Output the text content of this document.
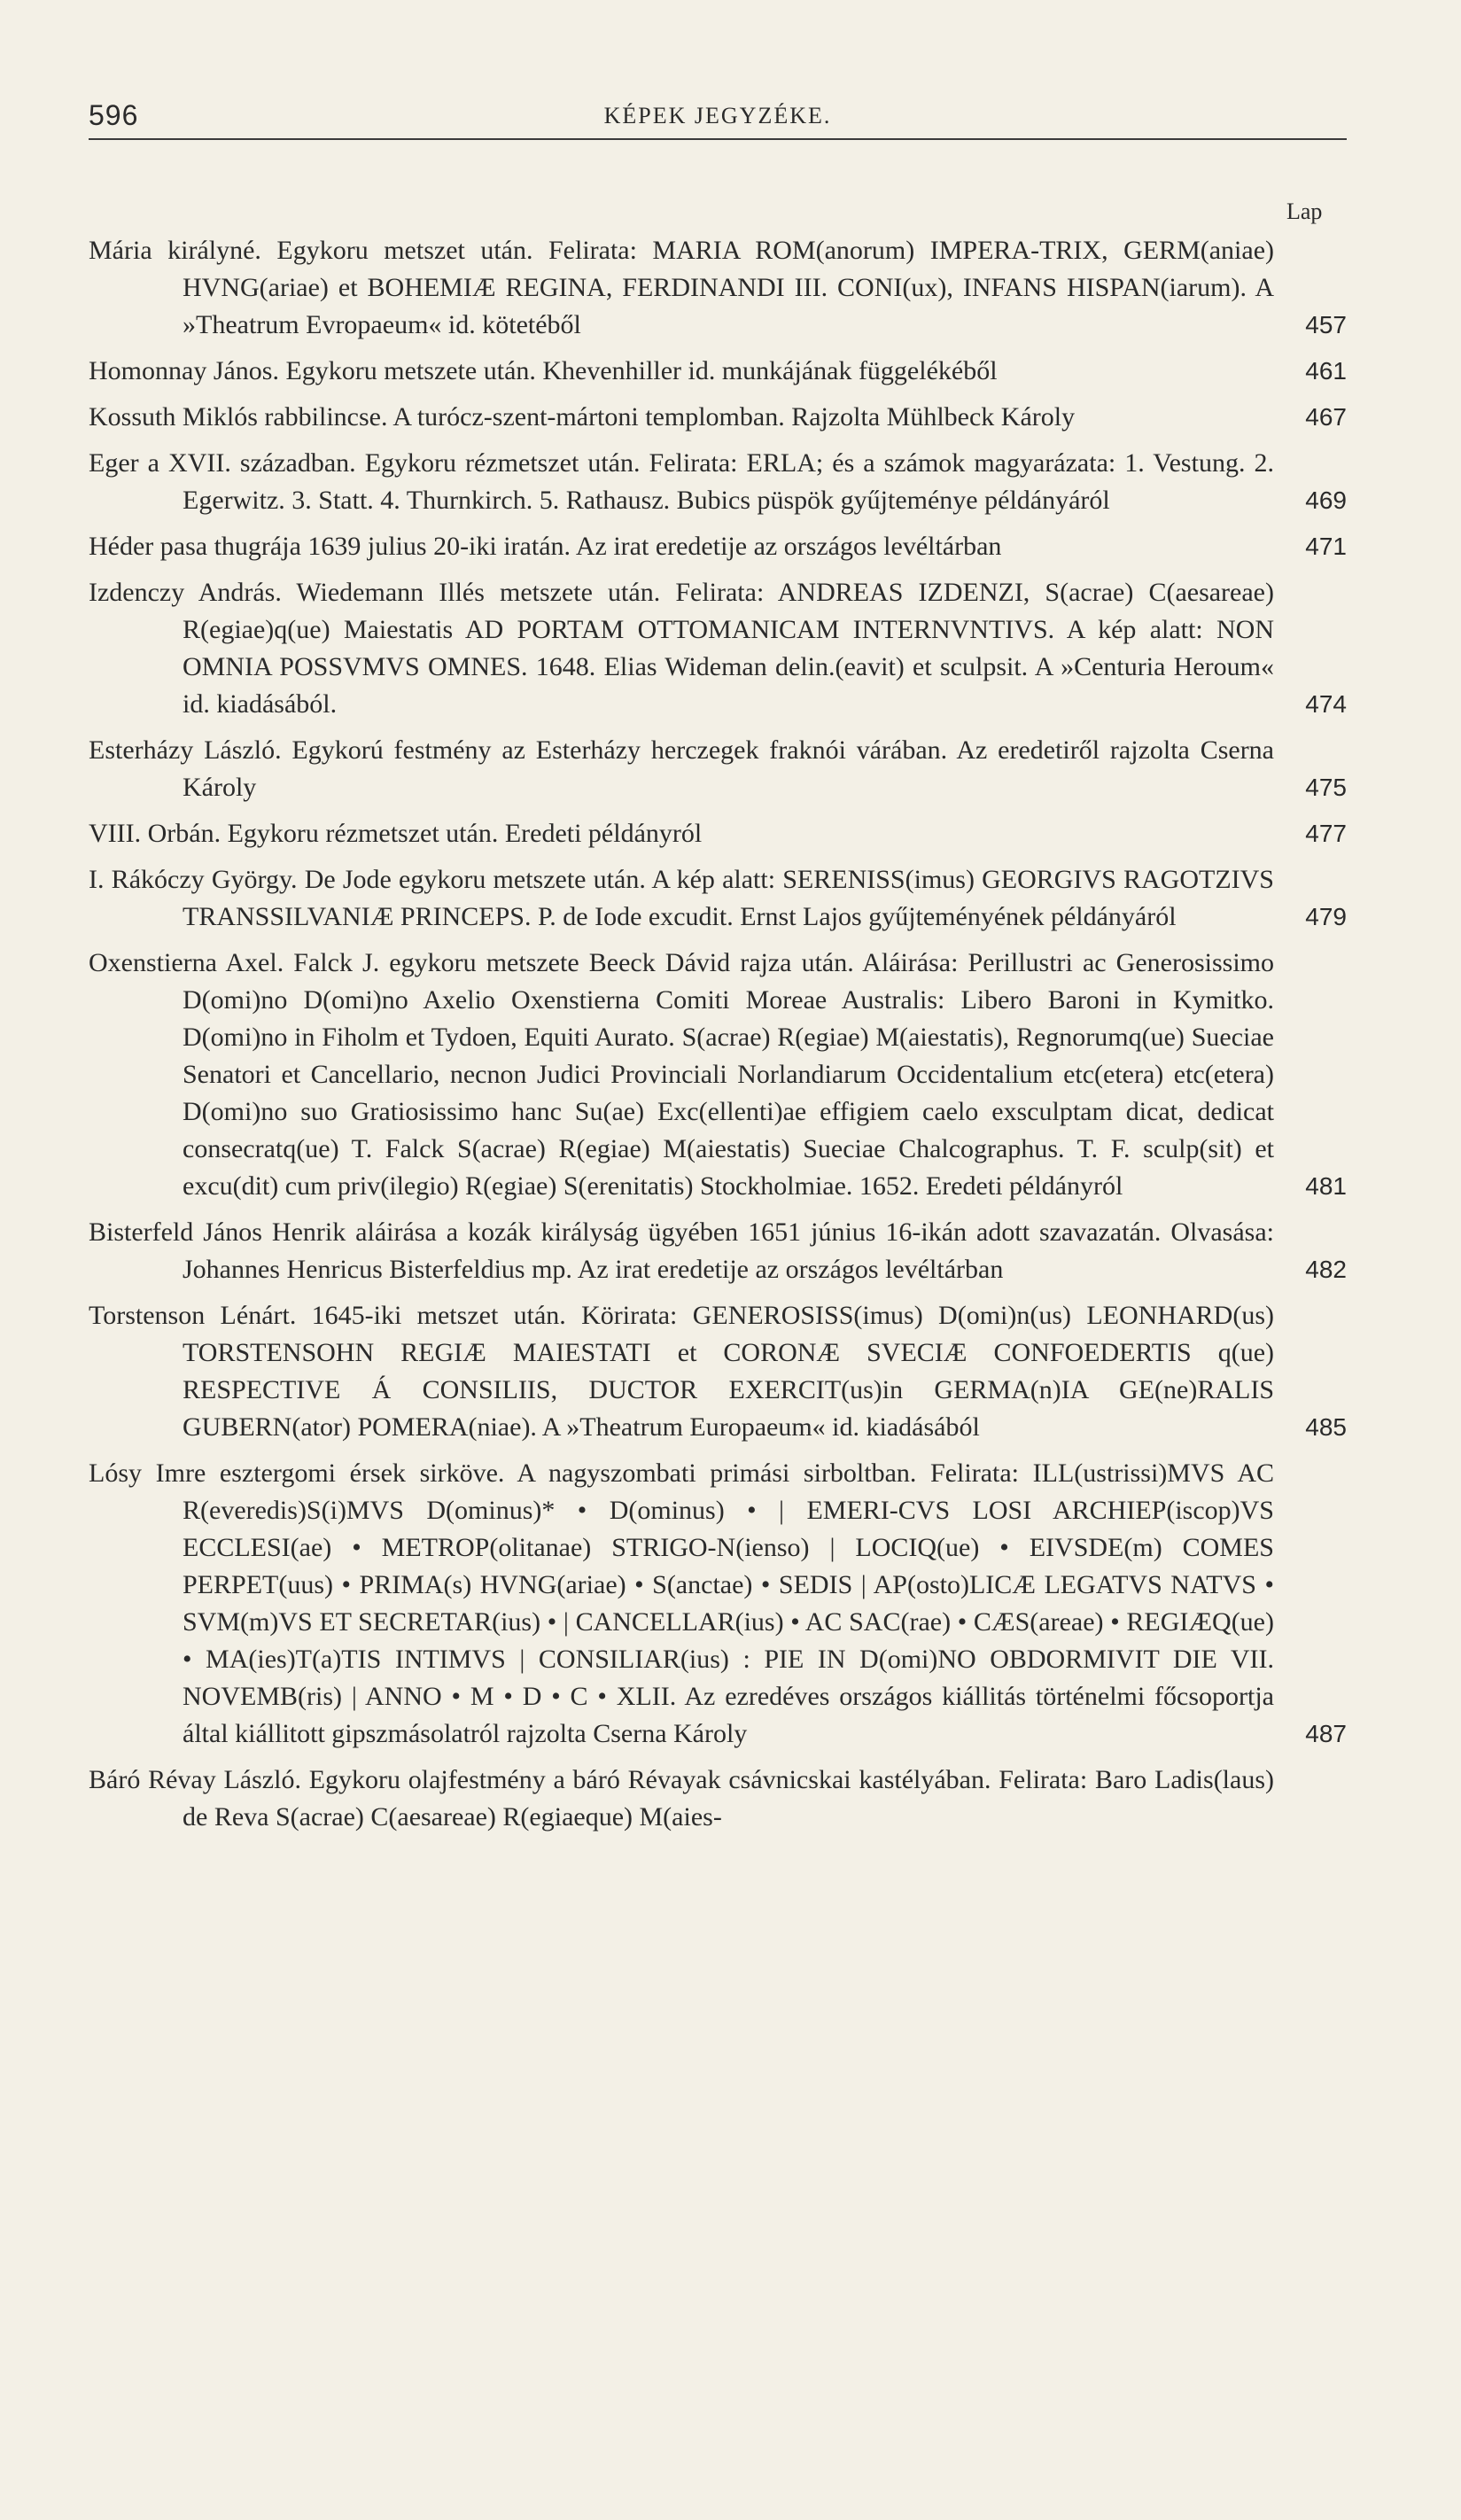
596	KÉPEK JEGYZÉKE.
Lap
Mária királyné. Egykoru metszet után. Felirata: MARIA ROM(anorum) IMPERA-TRIX, GERM(aniae) HVNG(ariae) et BOHEMIÆ REGINA, FERDINANDI III. CONI(ux), INFANS HISPAN(iarum). A »Theatrum Evropaeum« id. kötetéből	457
Homonnay János. Egykoru metszete után. Khevenhiller id. munkájának függelékéből	461
Kossuth Miklós rabbilincse. A turócz-szent-mártoni templomban. Rajzolta Mühlbeck Károly	467
Eger a XVII. században. Egykoru rézmetszet után. Felirata: ERLA; és a számok magyarázata: 1. Vestung. 2. Egerwitz. 3. Statt. 4. Thurnkirch. 5. Rathausz. Bubics püspök gyűjteménye példányáról	469
Héder pasa thugrája 1639 julius 20-iki iratán. Az irat eredetije az országos levéltárban	471
Izdenczy András. Wiedemann Illés metszete után. Felirata: ANDREAS IZDENZI, S(acrae) C(aesareae) R(egiae)q(ue) Maiestatis AD PORTAM OTTOMANICAM INTERNVNTIVS. A kép alatt: NON OMNIA POSSVMVS OMNES. 1648. Elias Wideman delin.(eavit) et sculpsit. A »Centuria Heroum« id. kiadásából.	474
Esterházy László. Egykorú festmény az Esterházy herczegek fraknói várában. Az eredetiről rajzolta Cserna Károly	475
VIII. Orbán. Egykoru rézmetszet után. Eredeti példányról	477
I. Rákóczy György. De Jode egykoru metszete után. A kép alatt: SERENISS(imus) GEORGIVS RAGOTZIVS TRANSSILVANIÆ PRINCEPS. P. de Iode excudit. Ernst Lajos gyűjteményének példányáról	479
Oxenstierna Axel. Falck J. egykoru metszete Beeck Dávid rajza után. Aláirása: Perillustri ac Generosissimo D(omi)no D(omi)no Axelio Oxenstierna Comiti Moreae Australis: Libero Baroni in Kymitko. D(omi)no in Fiholm et Tydoen, Equiti Aurato. S(acrae) R(egiae) M(aiestatis), Regnorumq(ue) Sueciae Senatori et Cancellario, necnon Judici Provinciali Norlandiarum Occidentalium etc(etera) etc(etera) D(omi)no suo Gratiosissimo hanc Su(ae) Exc(ellenti)ae effigiem caelo exsculptam dicat, dedicat consecratq(ue) T. Falck S(acrae) R(egiae) M(aiestatis) Sueciae Chalcographus. T. F. sculp(sit) et excu(dit) cum priv(ilegio) R(egiae) S(erenitatis) Stockholmiae. 1652. Eredeti példányról	481
Bisterfeld János Henrik aláirása a kozák királyság ügyében 1651 június 16-ikán adott szavazatán. Olvasása: Johannes Henricus Bisterfeldius mp. Az irat eredetije az országos levéltárban	482
Torstenson Lénárt. 1645-iki metszet után. Körirata: GENEROSISS(imus) D(omi)n(us) LEONHARD(us) TORSTENSOHN REGIÆ MAIESTATI et CORONÆ SVECIÆ CONFOEDERTIS q(ue) RESPECTIVE Á CONSILIIS, DUCTOR EXERCIT(us)in GERMA(n)IA GE(ne)RALIS GUBERN(ator) POMERA(niae). A »Theatrum Europaeum« id. kiadásából	485
Lósy Imre esztergomi érsek sirköve. A nagyszombati primási sirboltban. Felirata: ILL(ustrissi)MVS AC R(everedis)S(i)MVS D(ominus)* • D(ominus) • | EMERI-CVS LOSI ARCHIEP(iscop)VS ECCLESI(ae) • METROP(olitanae) STRIGO-N(ienso) | LOCIQ(ue) • EIVSDE(m) COMES PERPET(uus) • PRIMA(s) HVNG(ariae) • S(anctae) • SEDIS | AP(osto)LICÆ LEGATVS NATVS • SVM(m)VS ET SECRETAR(ius) • | CANCELLAR(ius) • AC SAC(rae) • CÆS(areae) • REGIÆQ(ue) • MA(ies)T(a)TIS INTIMVS | CONSILIAR(ius) : PIE IN D(omi)NO OBDORMIVIT DIE VII. NOVEMB(ris) | ANNO • M • D • C • XLII. Az ezredéves országos kiállitás történelmi főcsoportja által kiállitott gipszmásolatról rajzolta Cserna Károly	487
Báró Révay László. Egykoru olajfestmény a báró Révayak csávnicskai kastélyában. Felirata: Baro Ladis(laus) de Reva S(acrae) C(aesareae) R(egiaeque) M(aies-
